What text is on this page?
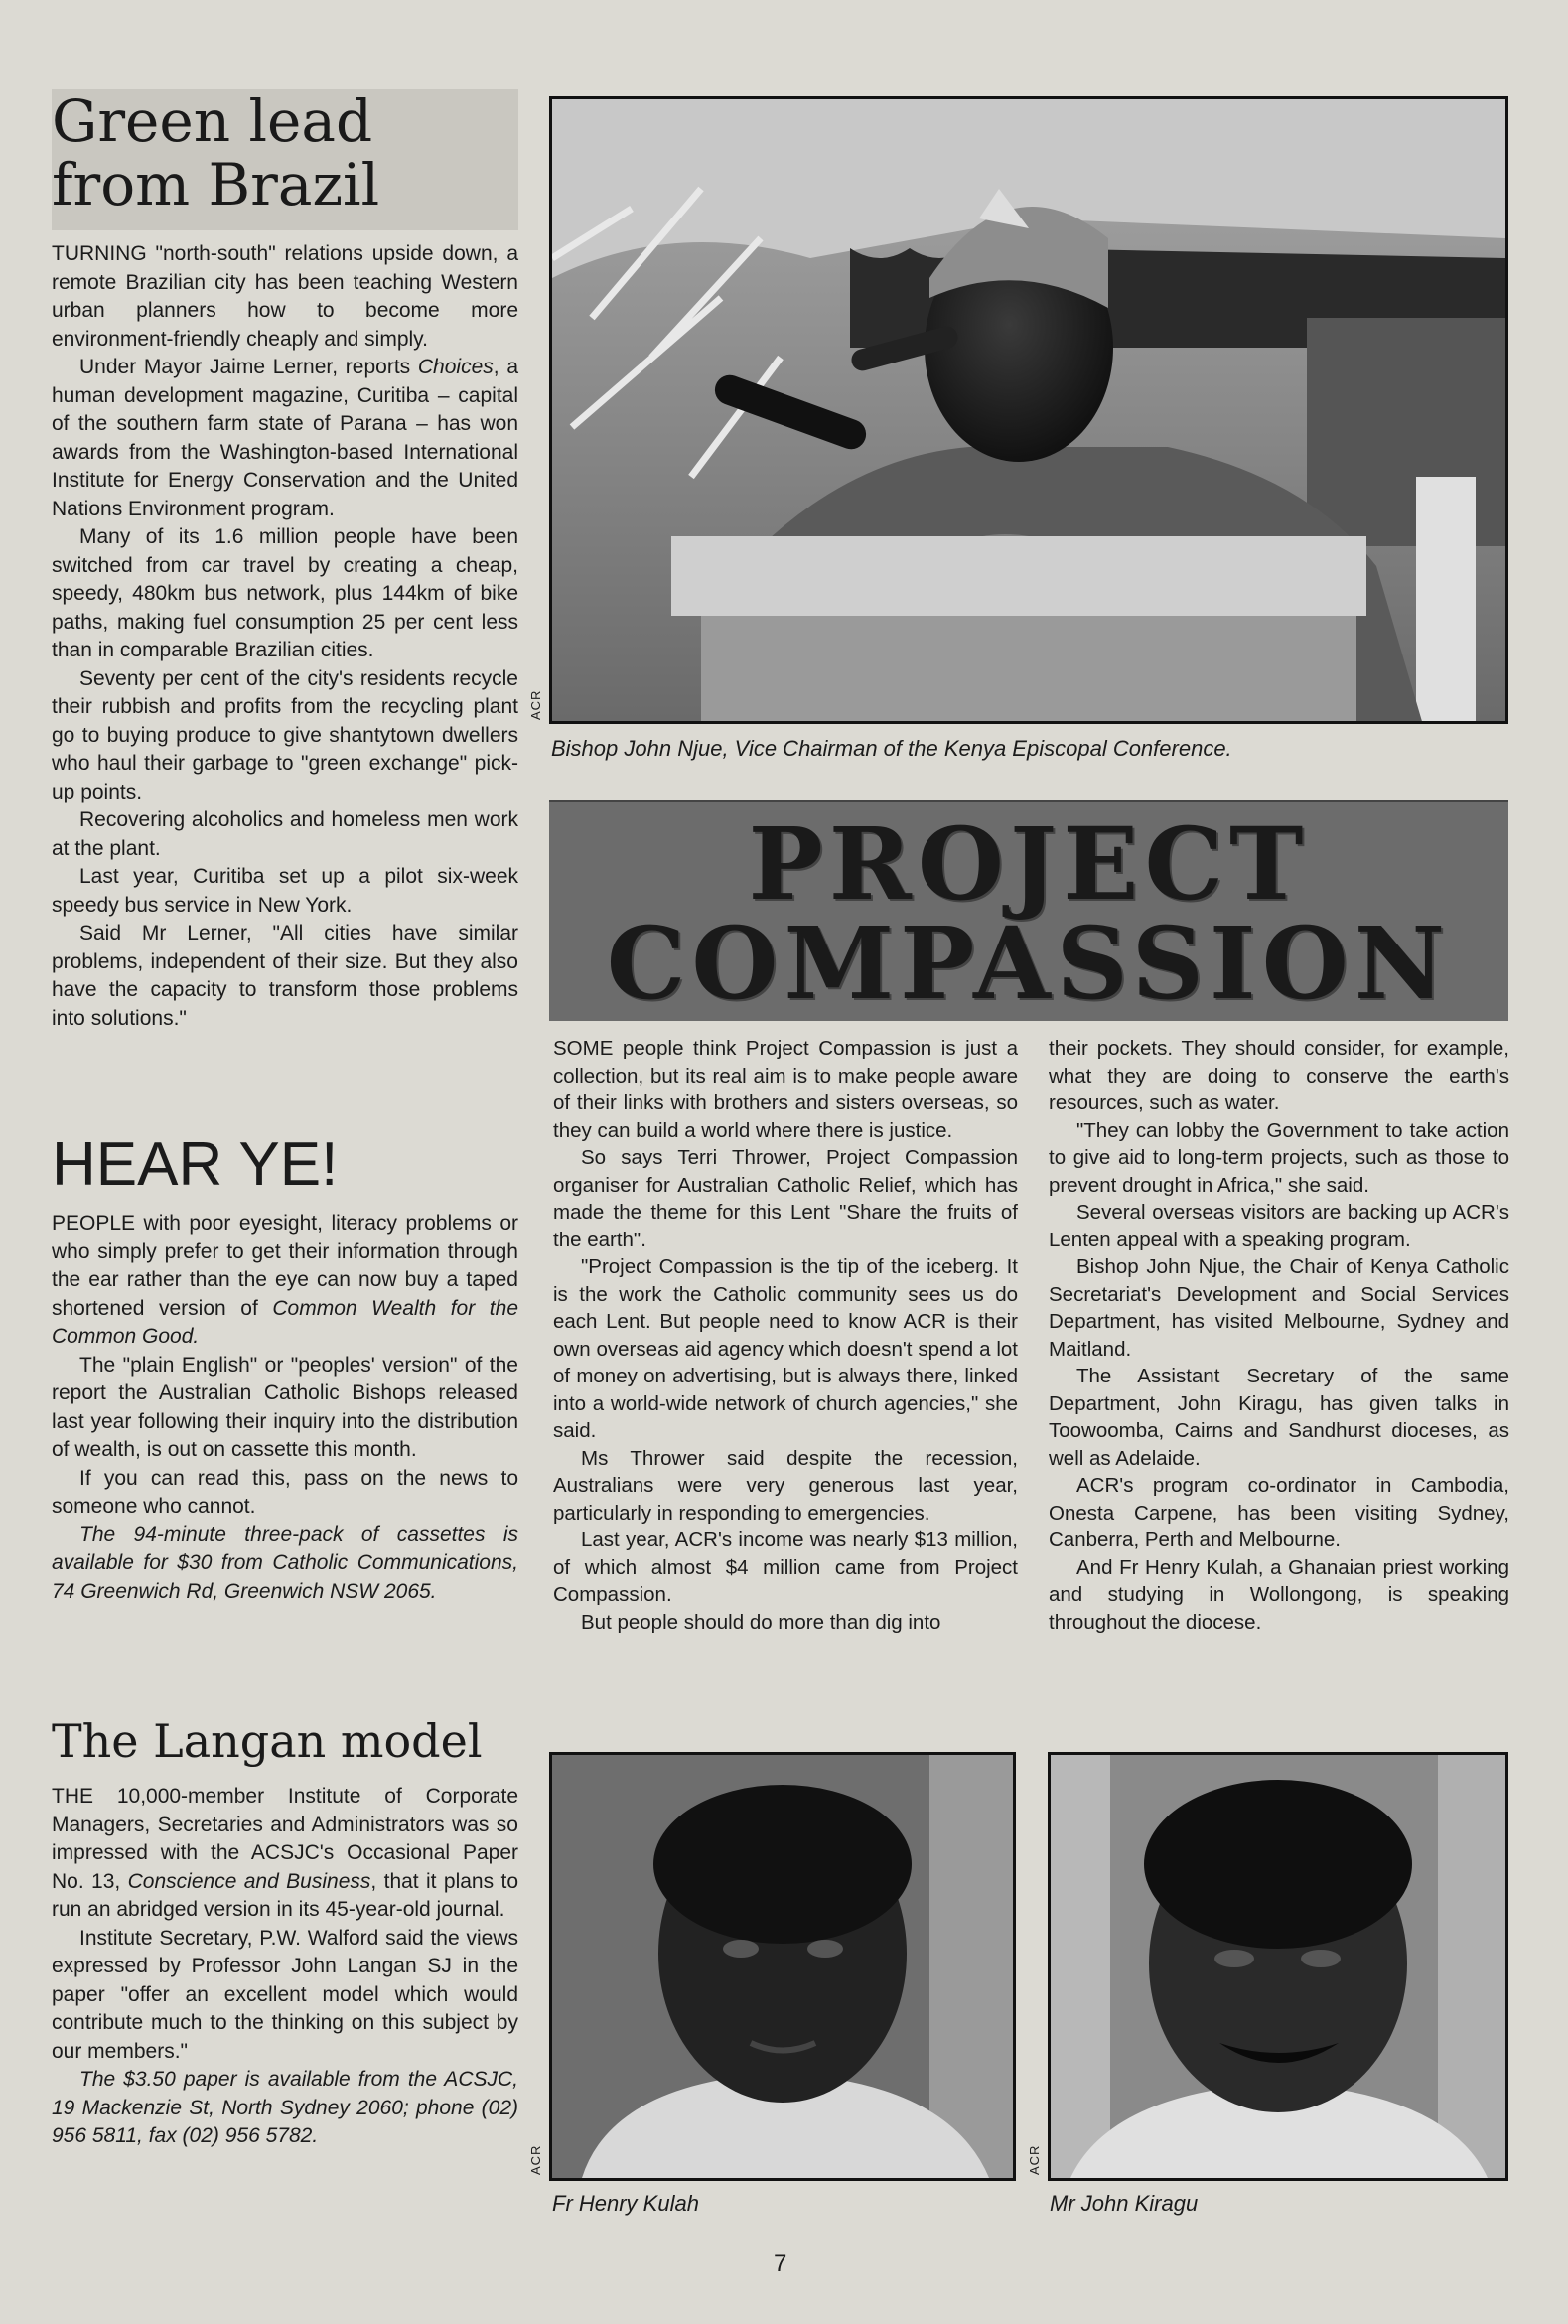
Green lead
from Brazil

TURNING "north-south" relations upside down, a remote Brazilian city has been teaching Western urban planners how to become more environment-friendly cheaply and simply.

Under Mayor Jaime Lerner, reports Choices, a human development magazine, Curitiba – capital of the southern farm state of Parana – has won awards from the Washington-based International Institute for Energy Conservation and the United Nations Environment program.

Many of its 1.6 million people have been switched from car travel by creating a cheap, speedy, 480km bus network, plus 144km of bike paths, making fuel consumption 25 per cent less than in comparable Brazilian cities.

Seventy per cent of the city's residents recycle their rubbish and profits from the recycling plant go to buying produce to give shantytown dwellers who haul their garbage to "green exchange" pick-up points.

Recovering alcoholics and homeless men work at the plant.

Last year, Curitiba set up a pilot six-week speedy bus service in New York.

Said Mr Lerner, "All cities have similar problems, independent of their size. But they also have the capacity to transform those problems into solutions."

HEAR YE!

PEOPLE with poor eyesight, literacy problems or who simply prefer to get their information through the ear rather than the eye can now buy a taped shortened version of Common Wealth for the Common Good.

The "plain English" or "peoples' version" of the report the Australian Catholic Bishops released last year following their inquiry into the distribution of wealth, is out on cassette this month.

If you can read this, pass on the news to someone who cannot.

The 94-minute three-pack of cassettes is available for $30 from Catholic Communications, 74 Greenwich Rd, Greenwich NSW 2065.

The Langan model

THE 10,000-member Institute of Corporate Managers, Secretaries and Administrators was so impressed with the ACSJC's Occasional Paper No. 13, Conscience and Business, that it plans to run an abridged version in its 45-year-old journal.

Institute Secretary, P.W. Walford said the views expressed by Professor John Langan SJ in the paper "offer an excellent model which would contribute much to the thinking on this subject by our members."

The $3.50 paper is available from the ACSJC, 19 Mackenzie St, North Sydney 2060; phone (02) 956 5811, fax (02) 956 5782.

ACR
Bishop John Njue, Vice Chairman of the Kenya Episcopal Conference.
PROJECT
COMPASSION

SOME people think Project Compassion is just a collection, but its real aim is to make people aware of their links with brothers and sisters overseas, so they can build a world where there is justice.

So says Terri Thrower, Project Compassion organiser for Australian Catholic Relief, which has made the theme for this Lent "Share the fruits of the earth".

"Project Compassion is the tip of the iceberg. It is the work the Catholic community sees us do each Lent. But people need to know ACR is their own overseas aid agency which doesn't spend a lot of money on advertising, but is always there, linked into a world-wide network of church agencies," she said.

Ms Thrower said despite the recession, Australians were very generous last year, particularly in responding to emergencies.

Last year, ACR's income was nearly $13 million, of which almost $4 million came from Project Compassion.

But people should do more than dig into

their pockets. They should consider, for example, what they are doing to conserve the earth's resources, such as water.

"They can lobby the Government to take action to give aid to long-term projects, such as those to prevent drought in Africa," she said.

Several overseas visitors are backing up ACR's Lenten appeal with a speaking program.

Bishop John Njue, the Chair of Kenya Catholic Secretariat's Development and Social Services Department, has visited Melbourne, Sydney and Maitland.

The Assistant Secretary of the same Department, John Kiragu, has given talks in Toowoomba, Cairns and Sandhurst dioceses, as well as Adelaide.

ACR's program co-ordinator in Cambodia, Onesta Carpene, has been visiting Sydney, Canberra, Perth and Melbourne.

And Fr Henry Kulah, a Ghanaian priest working and studying in Wollongong, is speaking throughout the diocese.

ACR
Fr Henry Kulah
ACR
Mr John Kiragu
7
